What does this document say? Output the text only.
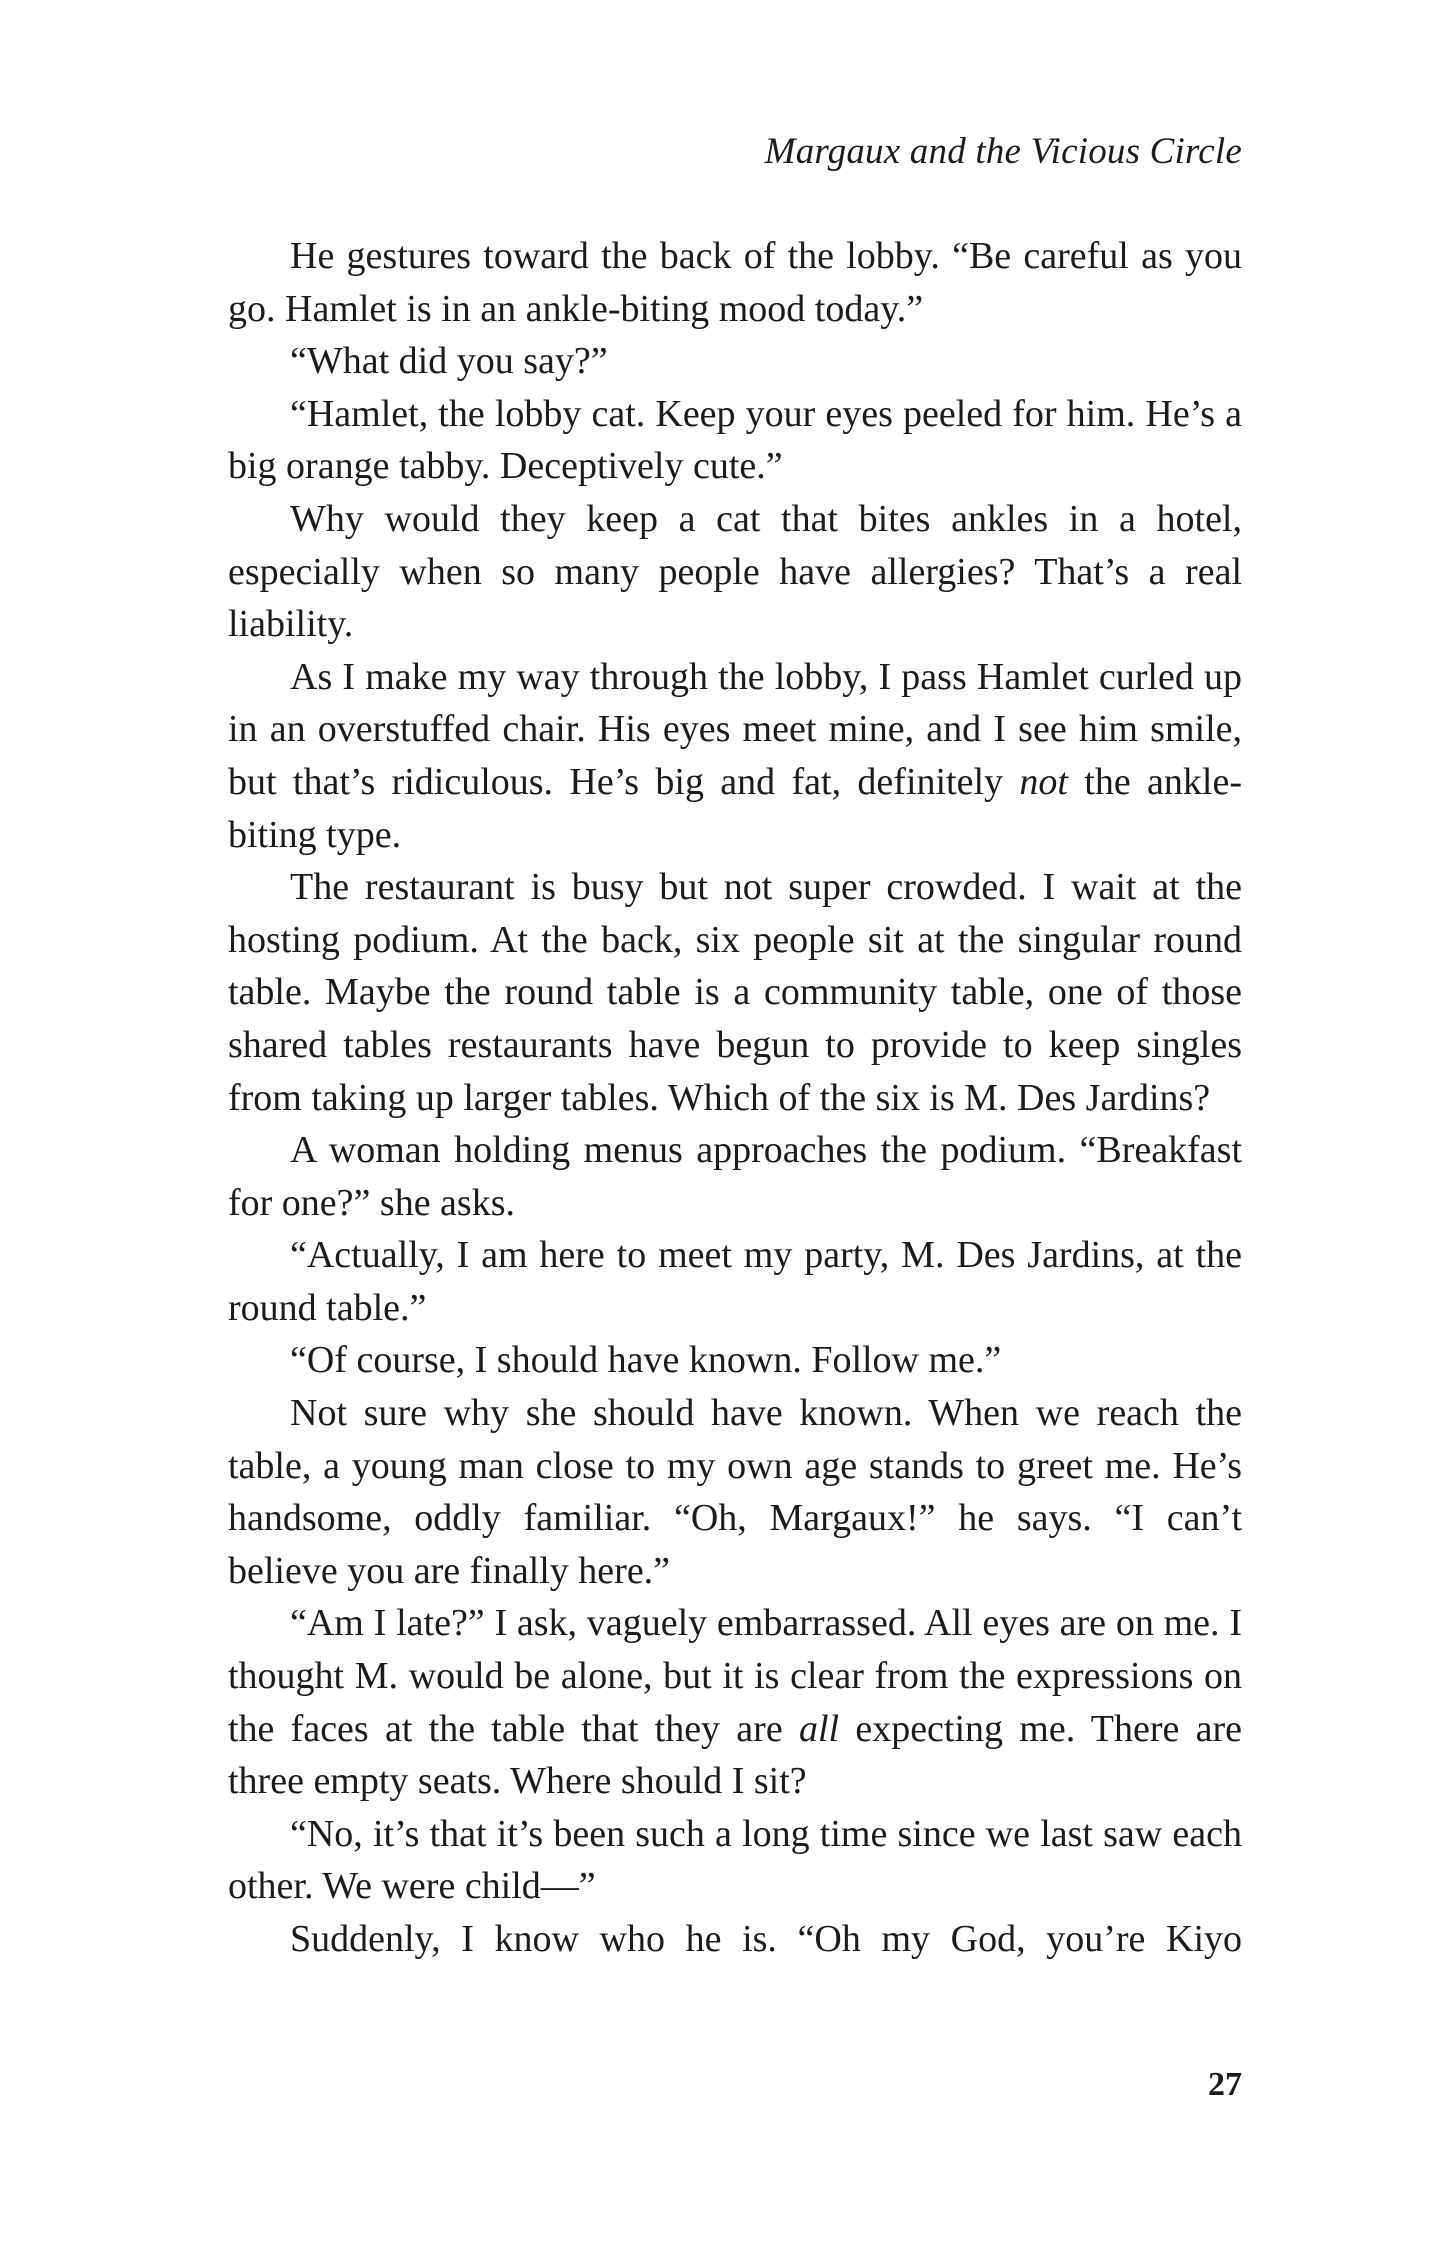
Margaux and the Vicious Circle

He gestures toward the back of the lobby. “Be careful as you go. Hamlet is in an ankle-biting mood today.”

“What did you say?”

“Hamlet, the lobby cat. Keep your eyes peeled for him. He’s a big orange tabby. Deceptively cute.”

Why would they keep a cat that bites ankles in a hotel, especially when so many people have allergies? That’s a real liability.

As I make my way through the lobby, I pass Hamlet curled up in an overstuffed chair. His eyes meet mine, and I see him smile, but that’s ridiculous. He’s big and fat, definitely not the ankle-biting type.

The restaurant is busy but not super crowded. I wait at the hosting podium. At the back, six people sit at the singular round table. Maybe the round table is a community table, one of those shared tables restaurants have begun to provide to keep singles from taking up larger tables. Which of the six is M. Des Jardins?

A woman holding menus approaches the podium. “Breakfast for one?” she asks.

“Actually, I am here to meet my party, M. Des Jardins, at the round table.”

“Of course, I should have known. Follow me.”

Not sure why she should have known. When we reach the table, a young man close to my own age stands to greet me. He’s handsome, oddly familiar. “Oh, Margaux!” he says. “I can’t believe you are finally here.”

“Am I late?” I ask, vaguely embarrassed. All eyes are on me. I thought M. would be alone, but it is clear from the expressions on the faces at the table that they are all expecting me. There are three empty seats. Where should I sit?

“No, it’s that it’s been such a long time since we last saw each other. We were child—”

Suddenly, I know who he is. “Oh my God, you’re Kiyo

27
